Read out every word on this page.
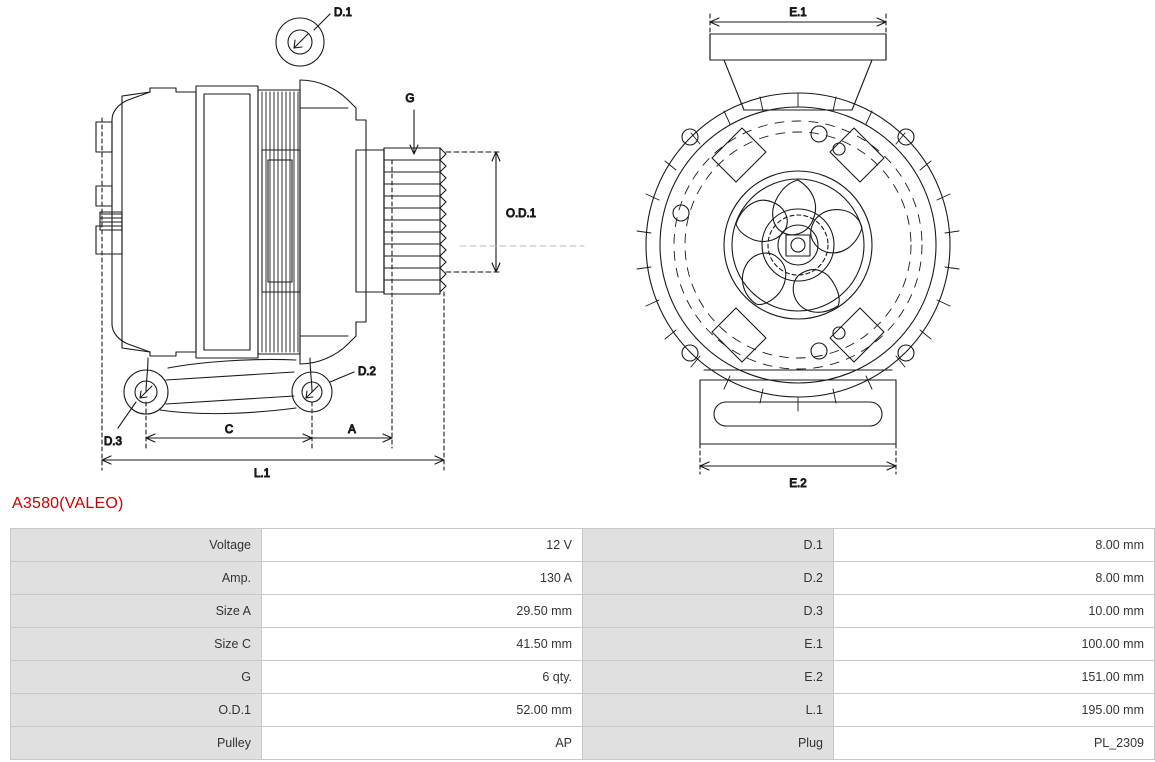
D.1
D.2
D.3
G
O.D.1
C	A
L.1
E.1
E.2
A3580(VALEO)
Voltage	12 V	D.1	8.00 mm
Amp.	130 A	D.2	8.00 mm
Size A	29.50 mm	D.3	10.00 mm
Size C	41.50 mm	E.1	100.00 mm
G	6 qty.	E.2	151.00 mm
O.D.1	52.00 mm	L.1	195.00 mm
Pulley	AP	Plug	PL_2309
